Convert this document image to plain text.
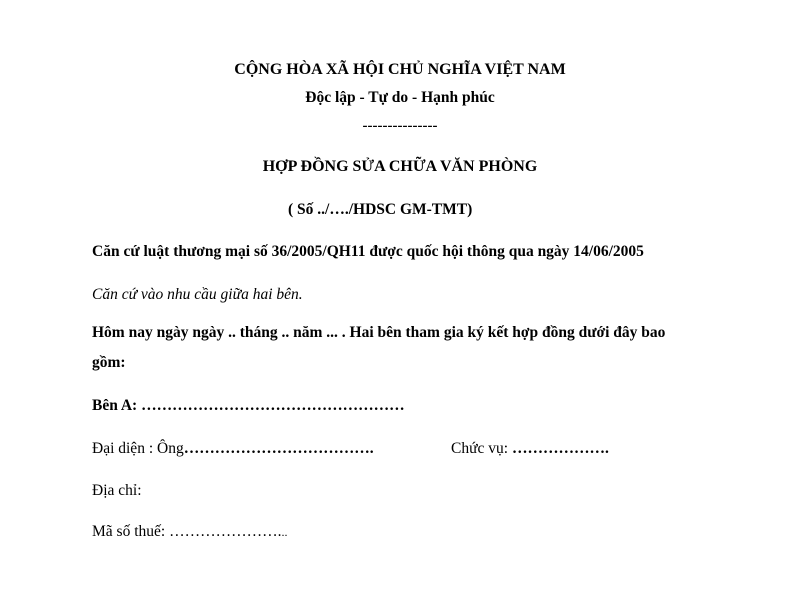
CỘNG HÒA XÃ HỘI CHỦ NGHĨA VIỆT NAM
Độc lập - Tự do - Hạnh phúc
---------------
HỢP ĐỒNG SỬA CHỮA VĂN PHÒNG
( Số ../…./HDSC GM-TMT)
Căn cứ luật thương mại số 36/2005/QH11 được quốc hội thông qua ngày 14/06/2005
Căn cứ vào nhu cầu giữa hai bên.
Hôm nay ngày ngày .. tháng .. năm ... . Hai bên tham gia ký kết hợp đồng dưới đây bao
gồm:
Bên A: ……………………………………………
Đại diện : Ông……………………………….	Chức vụ: ……………….
Địa chỉ:
Mã số thuế: …………………...
